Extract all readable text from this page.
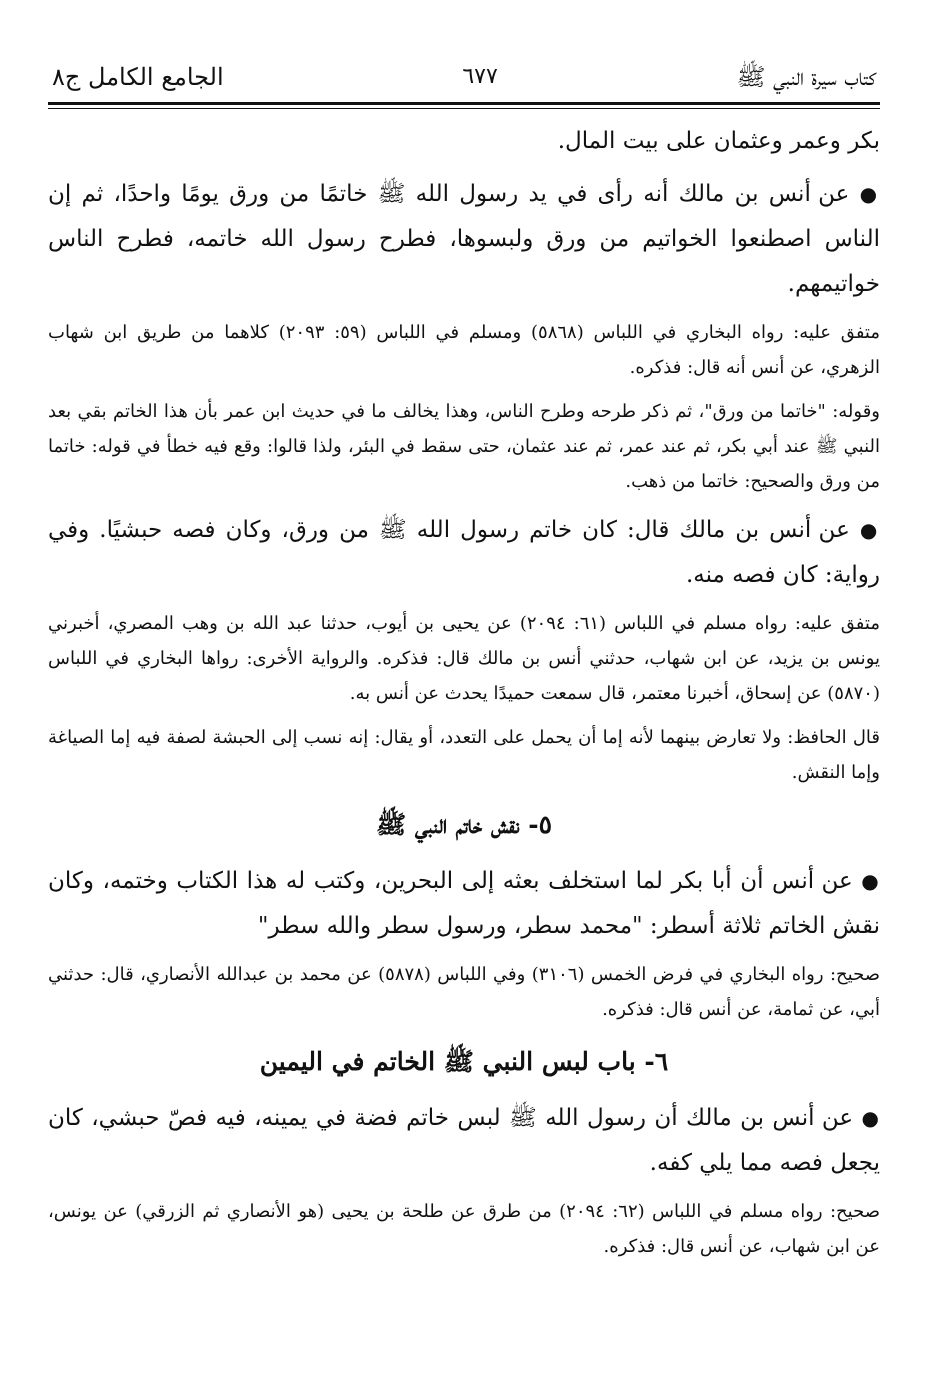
كتاب سيرة النبي ﷺ
٦٧٧
الجامع الكامل ج٨

بكر وعمر وعثمان على بيت المال.

● عن أنس بن مالك أنه رأى في يد رسول الله ﷺ خاتمًا من ورق يومًا واحدًا، ثم إن الناس اصطنعوا الخواتيم من ورق ولبسوها، فطرح رسول الله خاتمه، فطرح الناس خواتيمهم.

متفق عليه: رواه البخاري في اللباس (٥٨٦٨) ومسلم في اللباس (٥٩: ٢٠٩٣) كلاهما من طريق ابن شهاب الزهري، عن أنس أنه قال: فذكره.

وقوله: "خاتما من ورق"، ثم ذكر طرحه وطرح الناس، وهذا يخالف ما في حديث ابن عمر بأن هذا الخاتم بقي بعد النبي ﷺ عند أبي بكر، ثم عند عمر، ثم عند عثمان، حتى سقط في البئر، ولذا قالوا: وقع فيه خطأ في قوله: خاتما من ورق والصحيح: خاتما من ذهب.

● عن أنس بن مالك قال: كان خاتم رسول الله ﷺ من ورق، وكان فصه حبشيًا. وفي رواية: كان فصه منه.

متفق عليه: رواه مسلم في اللباس (٦١: ٢٠٩٤) عن يحيى بن أيوب، حدثنا عبد الله بن وهب المصري، أخبرني يونس بن يزيد، عن ابن شهاب، حدثني أنس بن مالك قال: فذكره. والرواية الأخرى: رواها البخاري في اللباس (٥٨٧٠) عن إسحاق، أخبرنا معتمر، قال سمعت حميدًا يحدث عن أنس به.

قال الحافظ: ولا تعارض بينهما لأنه إما أن يحمل على التعدد، أو يقال: إنه نسب إلى الحبشة لصفة فيه إما الصياغة وإما النقش.

٥- نقش خاتم النبي ﷺ

● عن أنس أن أبا بكر لما استخلف بعثه إلى البحرين، وكتب له هذا الكتاب وختمه، وكان نقش الخاتم ثلاثة أسطر: "محمد سطر، ورسول سطر والله سطر"

صحيح: رواه البخاري في فرض الخمس (٣١٠٦) وفي اللباس (٥٨٧٨) عن محمد بن عبدالله الأنصاري، قال: حدثني أبي، عن ثمامة، عن أنس قال: فذكره.

٦- باب لبس النبي ﷺ الخاتم في اليمين

● عن أنس بن مالك أن رسول الله ﷺ لبس خاتم فضة في يمينه، فيه فصّ حبشي، كان يجعل فصه مما يلي كفه.

صحيح: رواه مسلم في اللباس (٦٢: ٢٠٩٤) من طرق عن طلحة بن يحيى (هو الأنصاري ثم الزرقي) عن يونس، عن ابن شهاب، عن أنس قال: فذكره.
